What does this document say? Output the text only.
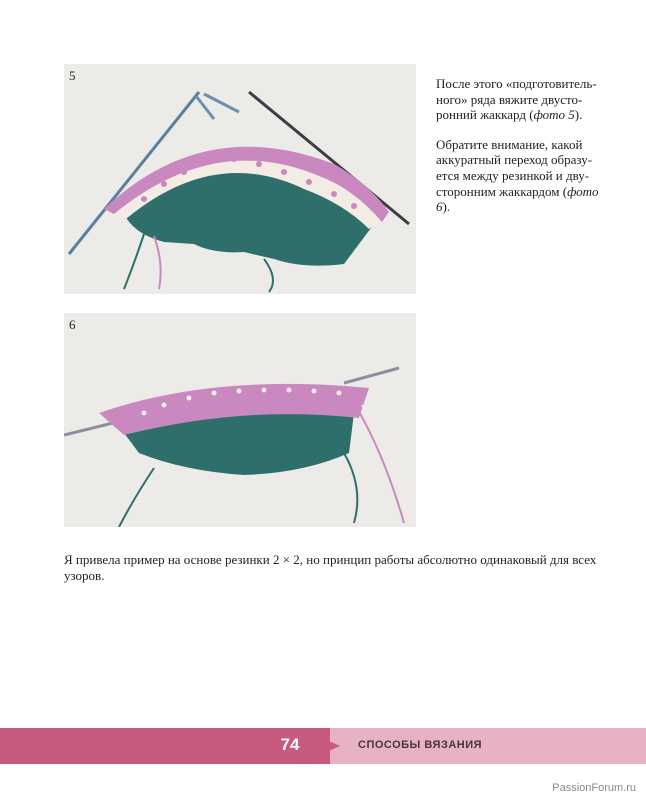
5
6

После этого «подготовитель-ного» ряда вяжите двусто-ронний жаккард (фото 5).

Обратите внимание, какой аккуратный переход образу-ется между резинкой и дву-сторонним жаккардом (фото 6).

Я привела пример на основе резинки 2 × 2, но принцип работы абсолютно одинаковый для всех узоров.
74	СПОСОБЫ ВЯЗАНИЯ
PassionForum.ru
